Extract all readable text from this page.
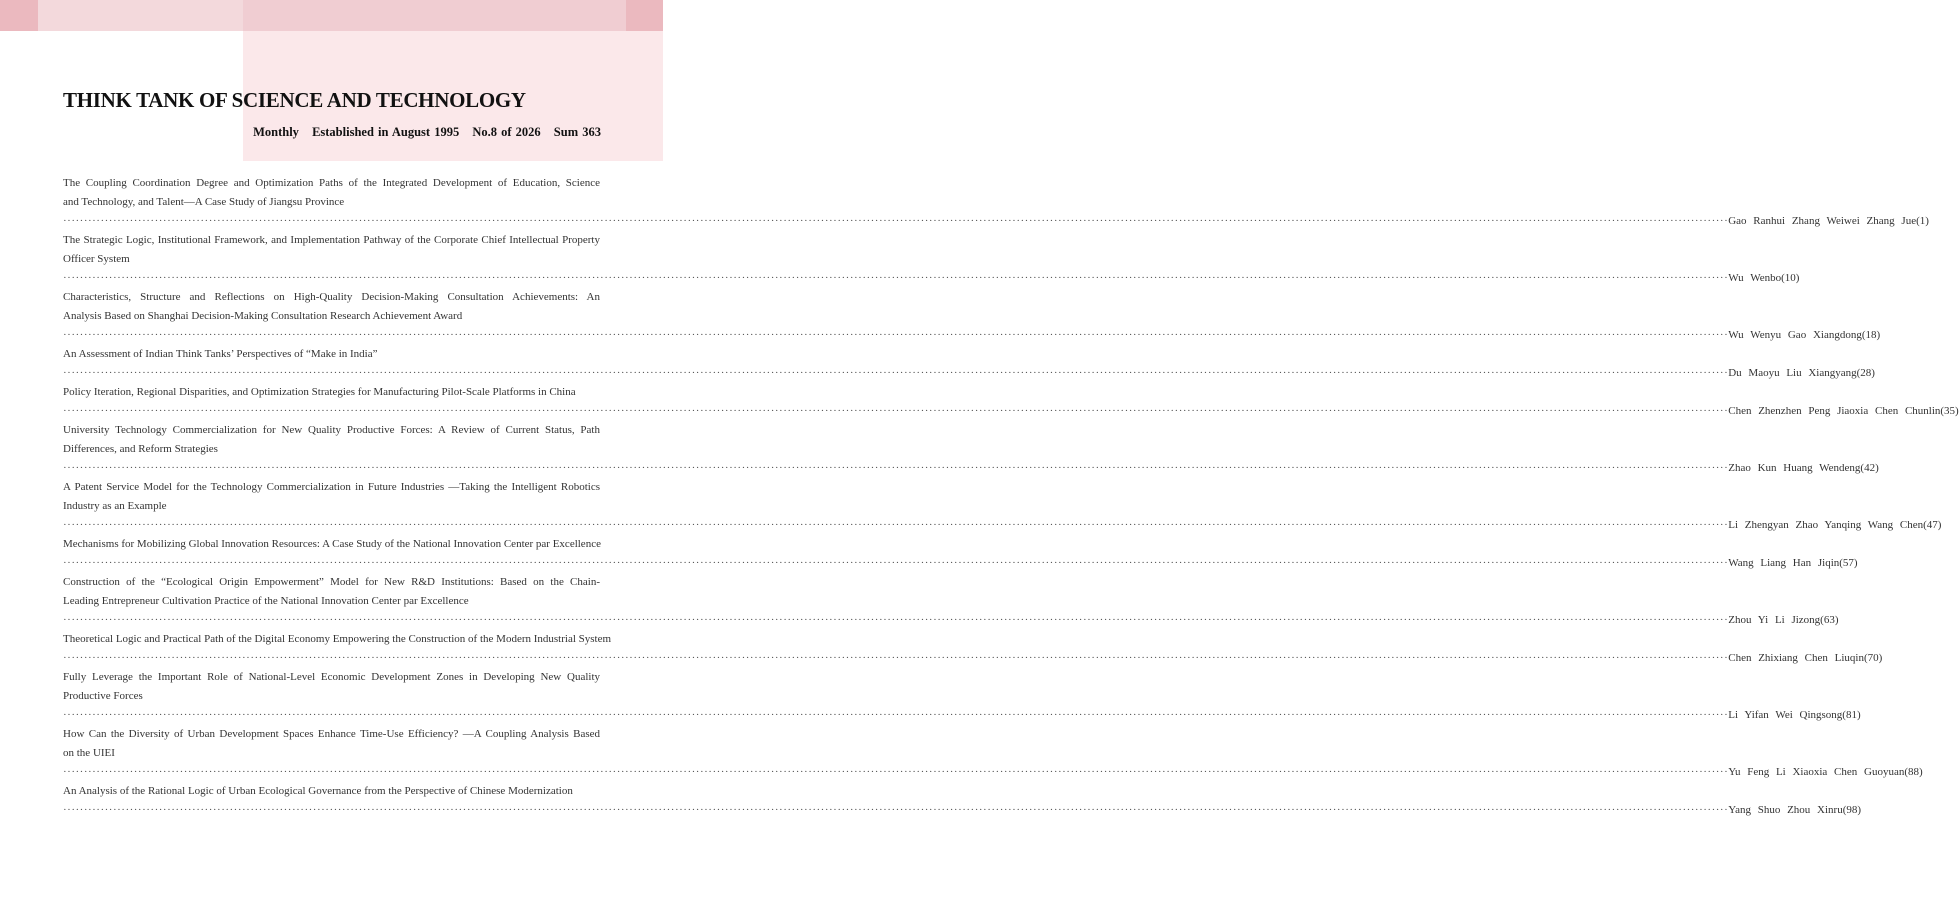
THINK TANK OF SCIENCE AND TECHNOLOGY
Monthly Established in August 1995 No.8 of 2026 Sum 363
The Coupling Coordination Degree and Optimization Paths of the Integrated Development of Education, Science
and Technology, and Talent—A Case Study of Jiangsu Province
················································································································································································································································································································································································································ Gao Ranhui Zhang Weiwei Zhang Jue(1)
The Strategic Logic, Institutional Framework, and Implementation Pathway of the Corporate Chief Intellectual Property
Officer System
················································································································································································································································································································································································································ Wu Wenbo(10)
Characteristics, Structure and Reflections on High-Quality Decision-Making Consultation Achievements: An
Analysis Based on Shanghai Decision-Making Consultation Research Achievement Award
················································································································································································································································································································································································································ Wu Wenyu Gao Xiangdong(18)
An Assessment of Indian Think Tanks’ Perspectives of “Make in India”
················································································································································································································································································································································································································ Du Maoyu Liu Xiangyang(28)
Policy Iteration, Regional Disparities, and Optimization Strategies for Manufacturing Pilot-Scale Platforms in China
················································································································································································································································································································································································································ Chen Zhenzhen Peng Jiaoxia Chen Chunlin(35)
University Technology Commercialization for New Quality Productive Forces: A Review of Current Status, Path
Differences, and Reform Strategies
················································································································································································································································································································································································································ Zhao Kun Huang Wendeng(42)
A Patent Service Model for the Technology Commercialization in Future Industries —Taking the Intelligent Robotics
Industry as an Example
················································································································································································································································································································································································································ Li Zhengyan Zhao Yanqing Wang Chen(47)
Mechanisms for Mobilizing Global Innovation Resources: A Case Study of the National Innovation Center par Excellence
················································································································································································································································································································································································································ Wang Liang Han Jiqin(57)
Construction of the “Ecological Origin Empowerment” Model for New R&D Institutions: Based on the Chain-
Leading Entrepreneur Cultivation Practice of the National Innovation Center par Excellence
················································································································································································································································································································································································································ Zhou Yi Li Jizong(63)
Theoretical Logic and Practical Path of the Digital Economy Empowering the Construction of the Modern Industrial System
················································································································································································································································································································································································································ Chen Zhixiang Chen Liuqin(70)
Fully Leverage the Important Role of National-Level Economic Development Zones in Developing New Quality
Productive Forces
················································································································································································································································································································································································································ Li Yifan Wei Qingsong(81)
How Can the Diversity of Urban Development Spaces Enhance Time-Use Efficiency? —A Coupling Analysis Based
on the UIEI
················································································································································································································································································································································································································ Yu Feng Li Xiaoxia Chen Guoyuan(88)
An Analysis of the Rational Logic of Urban Ecological Governance from the Perspective of Chinese Modernization
················································································································································································································································································································································································································ Yang Shuo Zhou Xinru(98)
